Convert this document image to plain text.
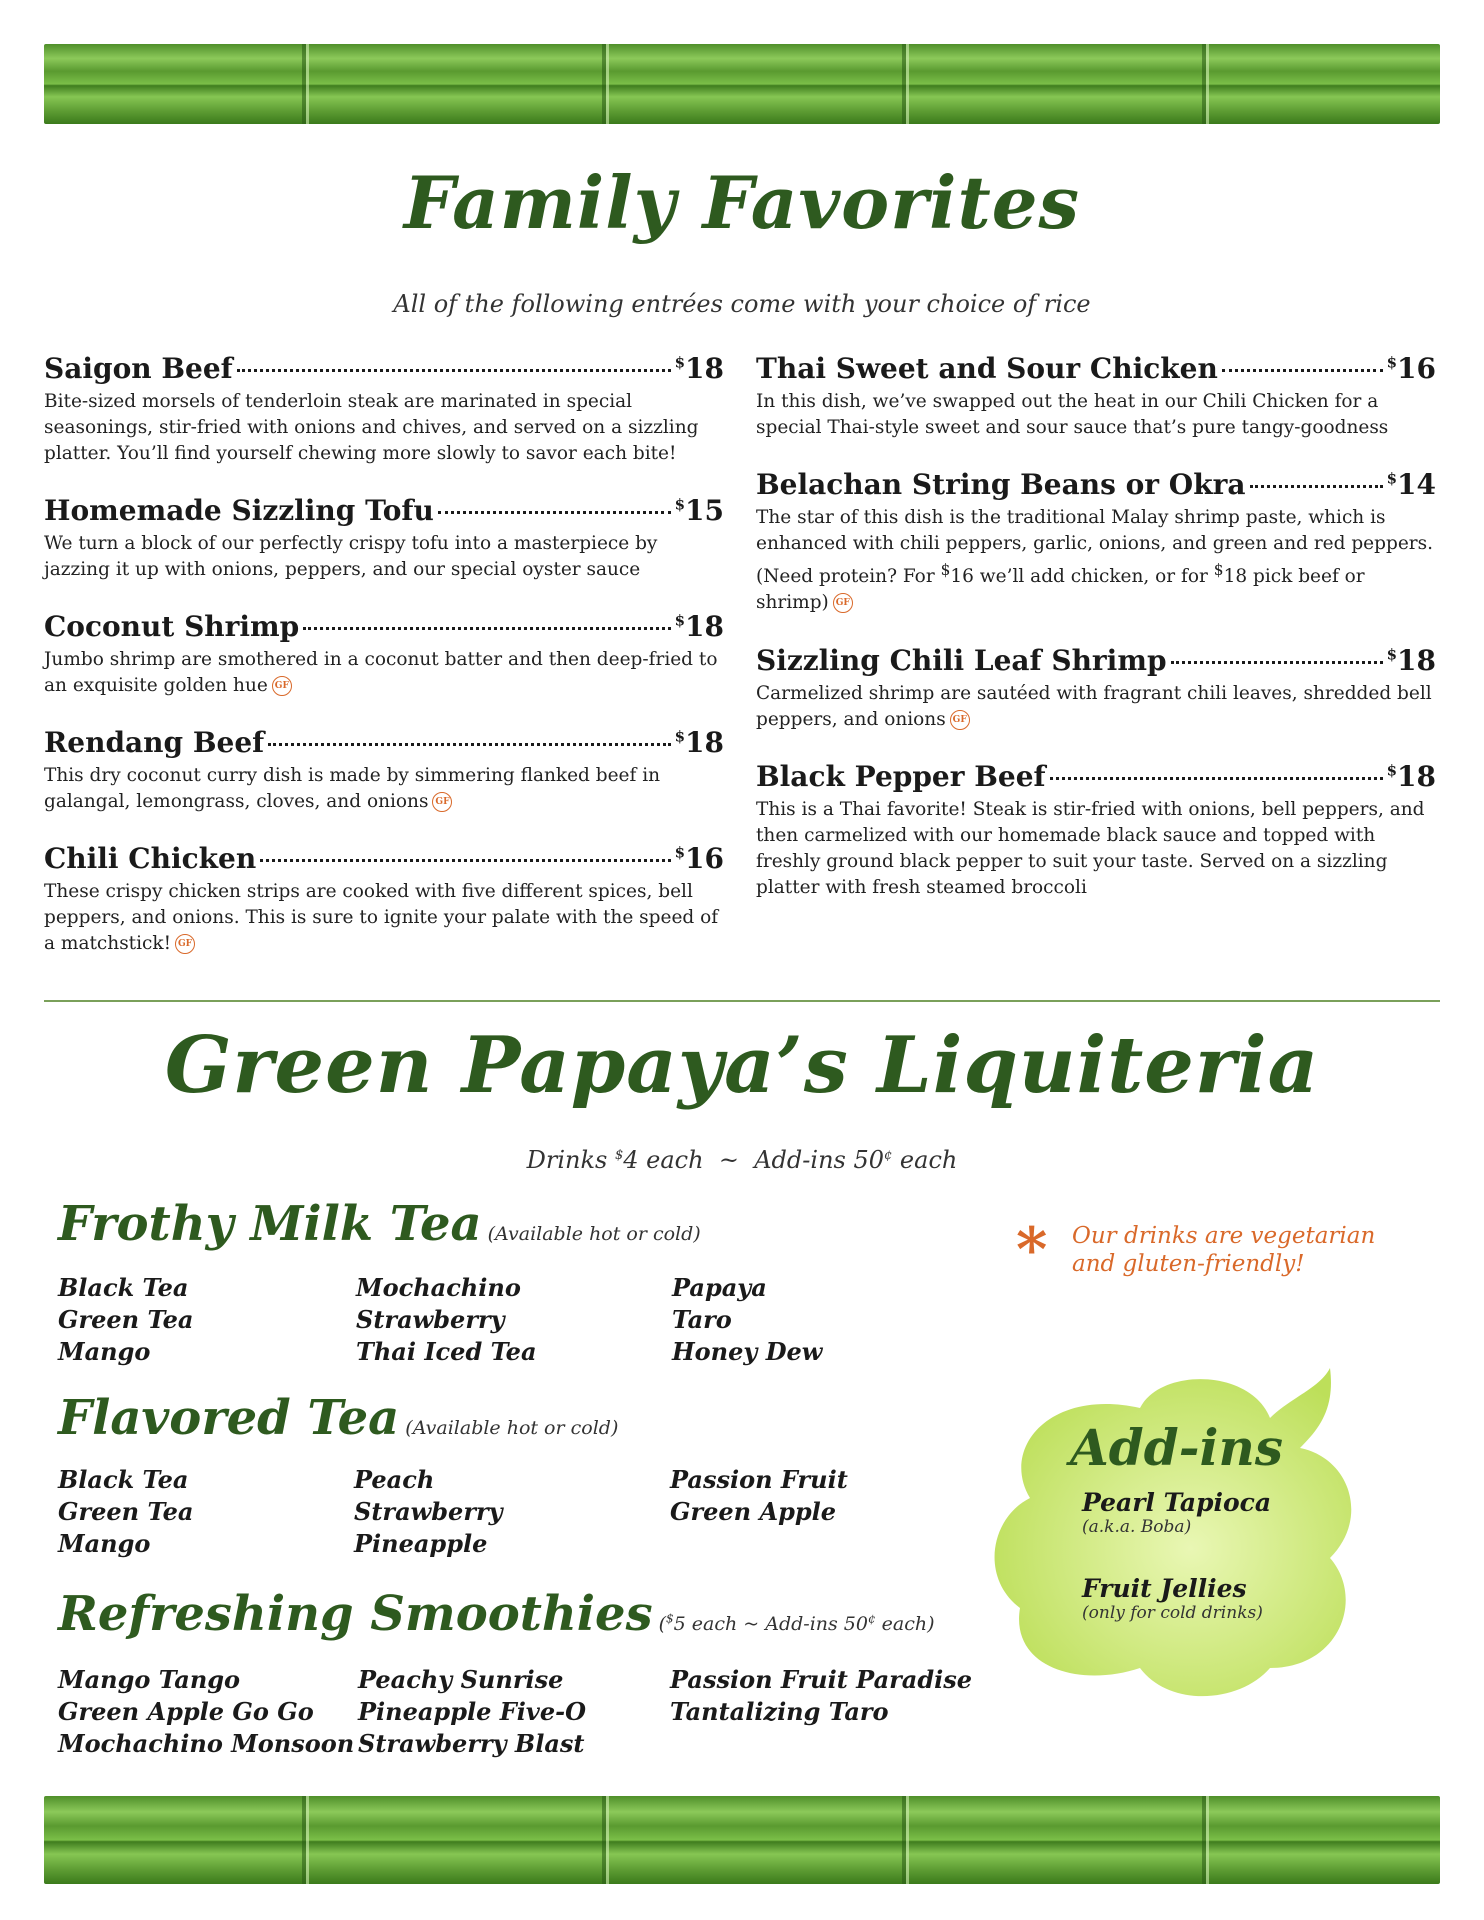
Family Favorites
All of the following entrées come with your choice of rice
Saigon Beef	$18
Bite-sized morsels of tenderloin steak are marinated in special seasonings, stir-fried with onions and chives, and served on a sizzling platter. You’ll find yourself chewing more slowly to savor each bite!
Homemade Sizzling Tofu	$15
We turn a block of our perfectly crispy tofu into a masterpiece by jazzing it up with onions, peppers, and our special oyster sauce
Coconut Shrimp	$18
Jumbo shrimp are smothered in a coconut batter and then deep-fried to an exquisite golden hue GF
Rendang Beef	$18
This dry coconut curry dish is made by simmering flanked beef in galangal, lemongrass, cloves, and onions GF
Chili Chicken	$16
These crispy chicken strips are cooked with five different spices, bell peppers, and onions. This is sure to ignite your palate with the speed of a matchstick! GF
Thai Sweet and Sour Chicken	$16
In this dish, we’ve swapped out the heat in our Chili Chicken for a special Thai-style sweet and sour sauce that’s pure tangy-goodness
Belachan String Beans or Okra	$14
The star of this dish is the traditional Malay shrimp paste, which is enhanced with chili peppers, garlic, onions, and green and red peppers. (Need protein? For $16 we’ll add chicken, or for $18 pick beef or shrimp) GF
Sizzling Chili Leaf Shrimp	$18
Carmelized shrimp are sautéed with fragrant chili leaves, shredded bell peppers, and onions GF
Black Pepper Beef	$18
This is a Thai favorite! Steak is stir-fried with onions, bell peppers, and then carmelized with our homemade black sauce and topped with freshly ground black pepper to suit your taste. Served on a sizzling platter with fresh steamed broccoli
Green Papaya’s Liquiteria
Drinks $4 each ~ Add-ins 50¢ each
* Our drinks are vegetarian
and gluten-friendly!
Frothy Milk Tea (Available hot or cold)
Black Tea
Green Tea
Mango
Mochachino
Strawberry
Thai Iced Tea
Papaya
Taro
Honey Dew
Flavored Tea (Available hot or cold)
Black Tea
Green Tea
Mango
Peach
Strawberry
Pineapple
Passion Fruit
Green Apple
Refreshing Smoothies ($5 each ~ Add-ins 50¢ each)
Mango Tango
Green Apple Go Go
Mochachino Monsoon
Peachy Sunrise
Pineapple Five-O
Strawberry Blast
Passion Fruit Paradise
Tantalizing Taro
Add-ins
Pearl Tapioca
(a.k.a. Boba)
Fruit Jellies
(only for cold drinks)
